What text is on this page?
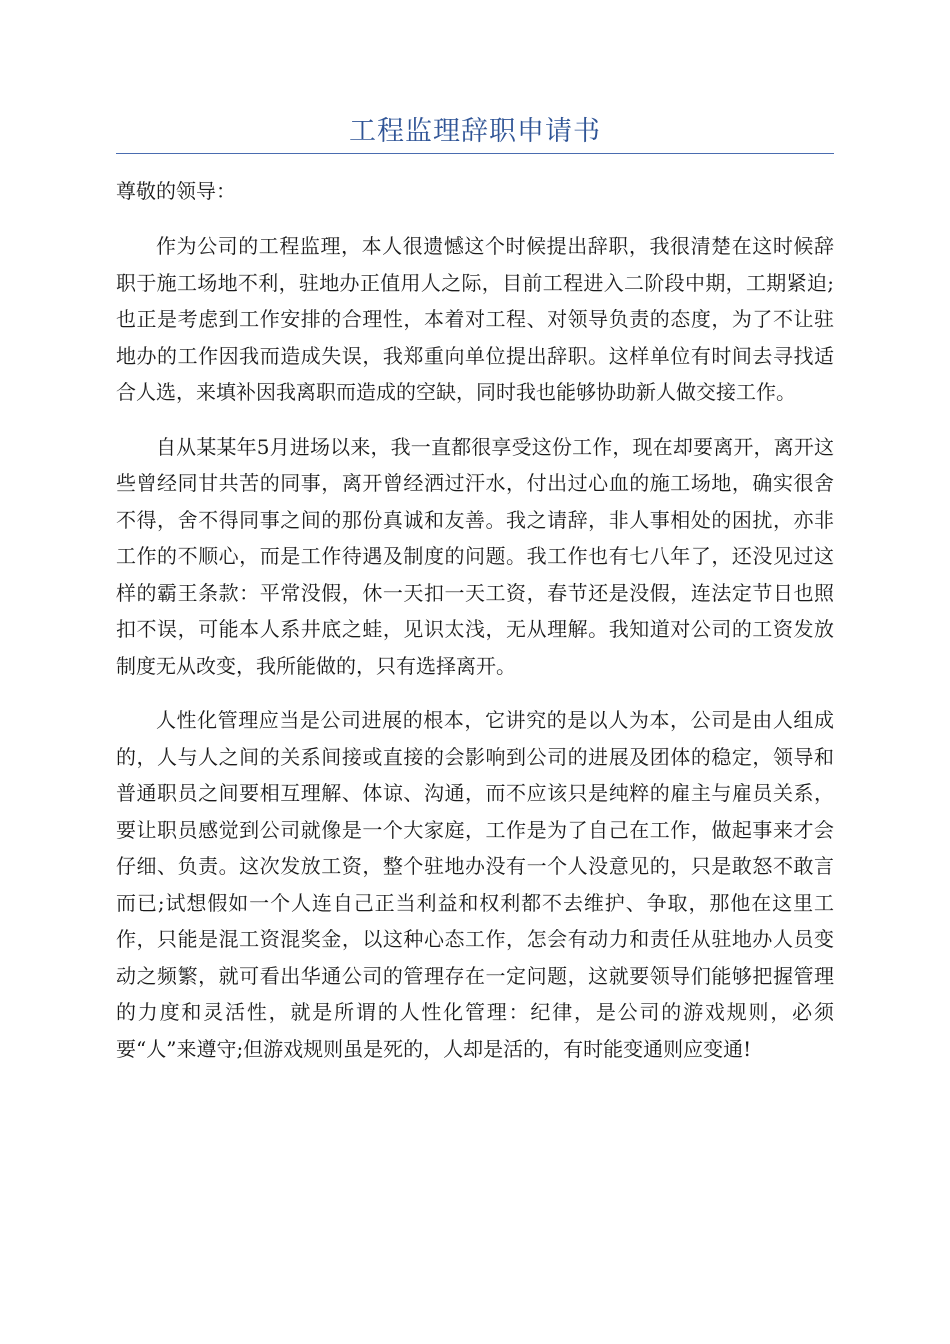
工程监理辞职申请书

尊敬的领导：

作为公司的工程监理，本人很遗憾这个时候提出辞职，我很清楚在这时候辞职于施工场地不利，驻地办正值用人之际，目前工程进入二阶段中期，工期紧迫;也正是考虑到工作安排的合理性，本着对工程、对领导负责的态度，为了不让驻地办的工作因我而造成失误，我郑重向单位提出辞职。这样单位有时间去寻找适合人选，来填补因我离职而造成的空缺，同时我也能够协助新人做交接工作。

自从某某年5月进场以来，我一直都很享受这份工作，现在却要离开，离开这些曾经同甘共苦的同事，离开曾经洒过汗水，付出过心血的施工场地，确实很舍不得，舍不得同事之间的那份真诚和友善。我之请辞，非人事相处的困扰，亦非工作的不顺心，而是工作待遇及制度的问题。我工作也有七八年了，还没见过这样的霸王条款：平常没假，休一天扣一天工资，春节还是没假，连法定节日也照扣不误，可能本人系井底之蛙，见识太浅，无从理解。我知道对公司的工资发放制度无从改变，我所能做的，只有选择离开。

人性化管理应当是公司进展的根本，它讲究的是以人为本，公司是由人组成的，人与人之间的关系间接或直接的会影响到公司的进展及团体的稳定，领导和普通职员之间要相互理解、体谅、沟通，而不应该只是纯粹的雇主与雇员关系，要让职员感觉到公司就像是一个大家庭，工作是为了自己在工作，做起事来才会仔细、负责。这次发放工资，整个驻地办没有一个人没意见的，只是敢怒不敢言而已;试想假如一个人连自己正当利益和权利都不去维护、争取，那他在这里工作，只能是混工资混奖金，以这种心态工作，怎会有动力和责任从驻地办人员变动之频繁，就可看出华通公司的管理存在一定问题，这就要领导们能够把握管理的力度和灵活性，就是所谓的人性化管理：纪律，是公司的游戏规则，必须要“人”来遵守;但游戏规则虽是死的，人却是活的，有时能变通则应变通!
